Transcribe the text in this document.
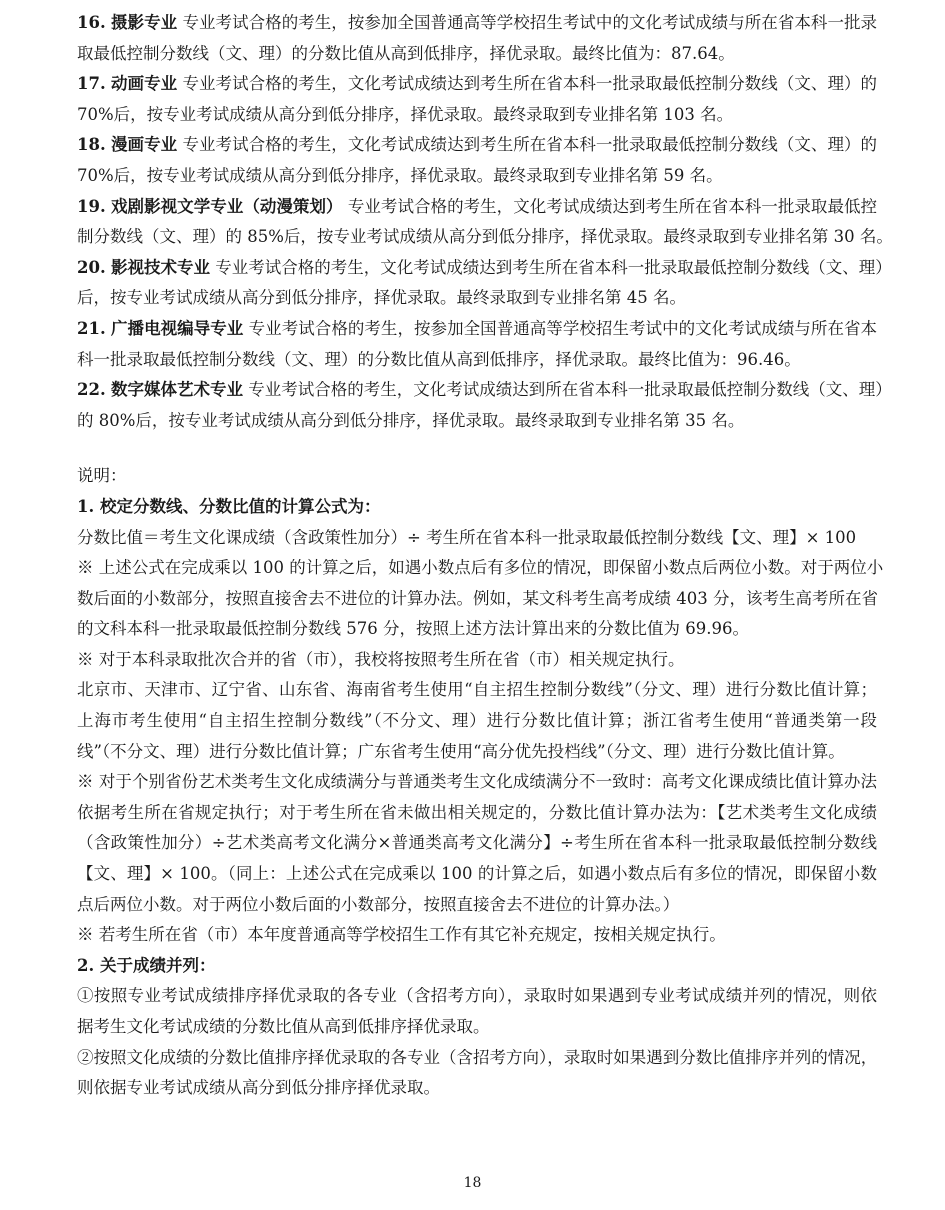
16. 摄影专业 专业考试合格的考生，按参加全国普通高等学校招生考试中的文化考试成绩与所在省本科一批录
取最低控制分数线（文、理）的分数比值从高到低排序，择优录取。最终比值为：87.64。
17. 动画专业 专业考试合格的考生，文化考试成绩达到考生所在省本科一批录取最低控制分数线（文、理）的
70%后，按专业考试成绩从高分到低分排序，择优录取。最终录取到专业排名第 103 名。
18. 漫画专业 专业考试合格的考生，文化考试成绩达到考生所在省本科一批录取最低控制分数线（文、理）的
70%后，按专业考试成绩从高分到低分排序，择优录取。最终录取到专业排名第 59 名。
19. 戏剧影视文学专业（动漫策划） 专业考试合格的考生，文化考试成绩达到考生所在省本科一批录取最低控
制分数线（文、理）的 85%后，按专业考试成绩从高分到低分排序，择优录取。最终录取到专业排名第 30 名。
20. 影视技术专业 专业考试合格的考生，文化考试成绩达到考生所在省本科一批录取最低控制分数线（文、理）
后，按专业考试成绩从高分到低分排序，择优录取。最终录取到专业排名第 45 名。
21. 广播电视编导专业 专业考试合格的考生，按参加全国普通高等学校招生考试中的文化考试成绩与所在省本
科一批录取最低控制分数线（文、理）的分数比值从高到低排序，择优录取。最终比值为：96.46。
22. 数字媒体艺术专业 专业考试合格的考生，文化考试成绩达到所在省本科一批录取最低控制分数线（文、理）
的 80%后，按专业考试成绩从高分到低分排序，择优录取。最终录取到专业排名第 35 名。
说明：
1. 校定分数线、分数比值的计算公式为：
分数比值＝考生文化课成绩（含政策性加分）÷ 考生所在省本科一批录取最低控制分数线【文、理】× 100
※ 上述公式在完成乘以 100 的计算之后，如遇小数点后有多位的情况，即保留小数点后两位小数。对于两位小
数后面的小数部分，按照直接舍去不进位的计算办法。例如，某文科考生高考成绩 403 分，该考生高考所在省
的文科本科一批录取最低控制分数线 576 分，按照上述方法计算出来的分数比值为 69.96。
※ 对于本科录取批次合并的省（市），我校将按照考生所在省（市）相关规定执行。
北京市、天津市、辽宁省、山东省、海南省考生使用“自主招生控制分数线”（分文、理）进行分数比值计算；
上海市考生使用“自主招生控制分数线”（不分文、理）进行分数比值计算；浙江省考生使用“普通类第一段
线”（不分文、理）进行分数比值计算；广东省考生使用“高分优先投档线”（分文、理）进行分数比值计算。
※ 对于个别省份艺术类考生文化成绩满分与普通类考生文化成绩满分不一致时：高考文化课成绩比值计算办法
依据考生所在省规定执行；对于考生所在省未做出相关规定的，分数比值计算办法为：【艺术类考生文化成绩
（含政策性加分）÷艺术类高考文化满分×普通类高考文化满分】÷考生所在省本科一批录取最低控制分数线
【文、理】× 100。（同上：上述公式在完成乘以 100 的计算之后，如遇小数点后有多位的情况，即保留小数
点后两位小数。对于两位小数后面的小数部分，按照直接舍去不进位的计算办法。）
※ 若考生所在省（市）本年度普通高等学校招生工作有其它补充规定，按相关规定执行。
2. 关于成绩并列：
①按照专业考试成绩排序择优录取的各专业（含招考方向），录取时如果遇到专业考试成绩并列的情况，则依
据考生文化考试成绩的分数比值从高到低排序择优录取。
②按照文化成绩的分数比值排序择优录取的各专业（含招考方向），录取时如果遇到分数比值排序并列的情况，
则依据专业考试成绩从高分到低分排序择优录取。
18
